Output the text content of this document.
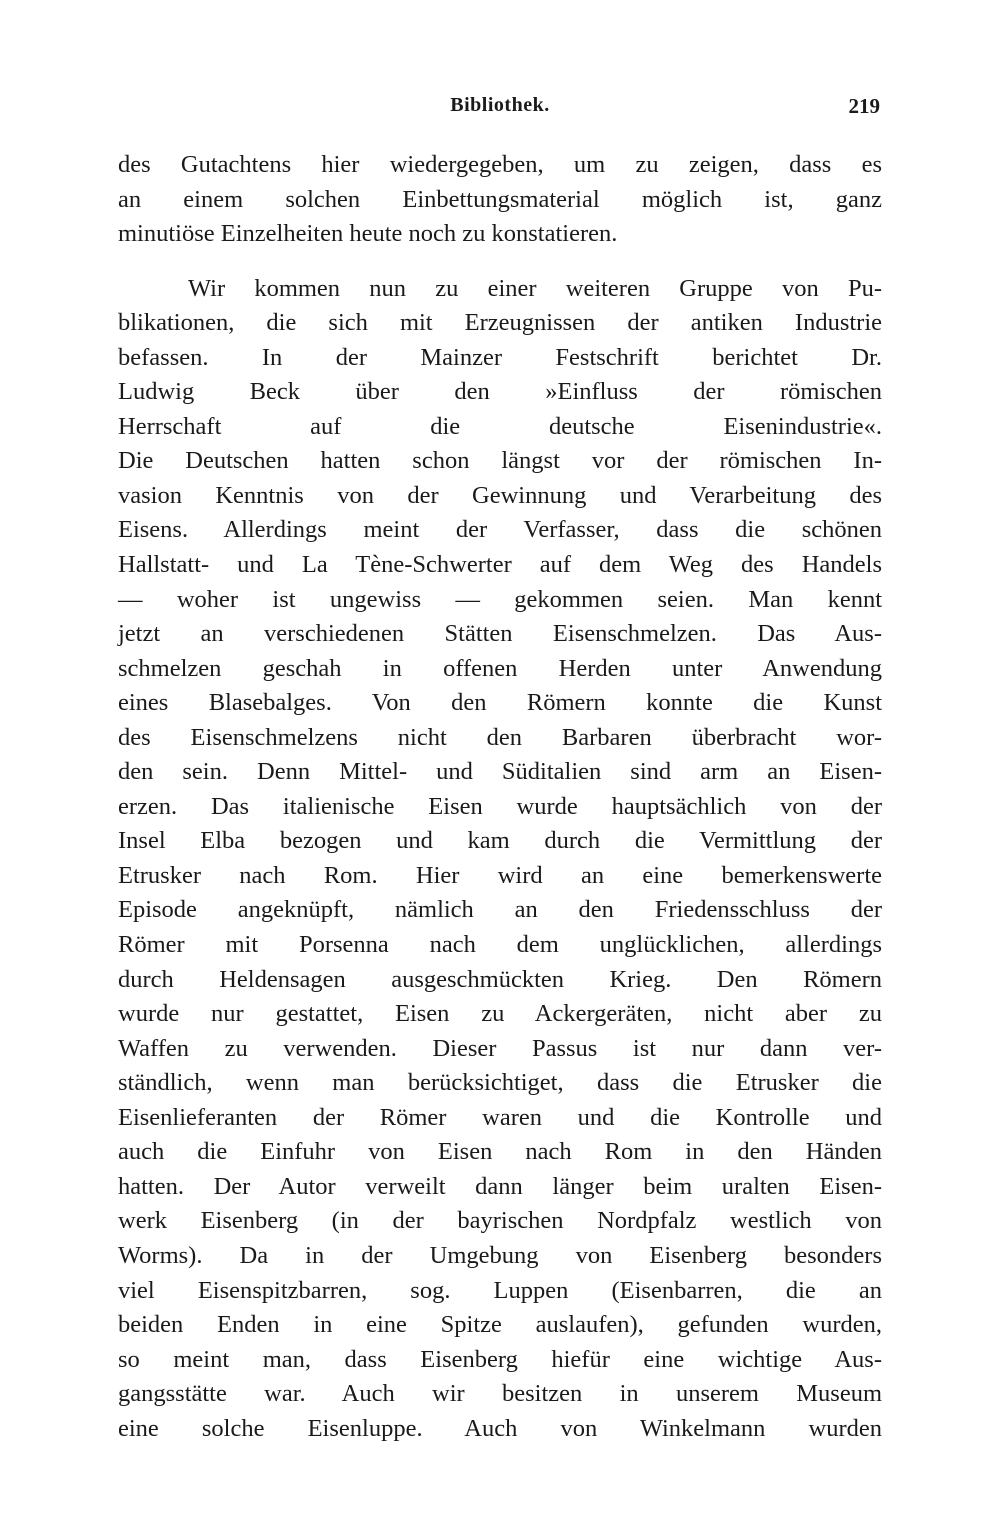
Bibliothek.	219
des Gutachtens hier wiedergegeben, um zu zeigen, dass es
an einem solchen Einbettungsmaterial möglich ist, ganz
minutiöse Einzelheiten heute noch zu konstatieren.
Wir kommen nun zu einer weiteren Gruppe von Pu-
blikationen, die sich mit Erzeugnissen der antiken Industrie
befassen. In der Mainzer Festschrift berichtet Dr.
Ludwig Beck über den »Einfluss der römischen
Herrschaft auf die deutsche Eisenindustrie«.
Die Deutschen hatten schon längst vor der römischen In-
vasion Kenntnis von der Gewinnung und Verarbeitung des
Eisens. Allerdings meint der Verfasser, dass die schönen
Hallstatt- und La Tène-Schwerter auf dem Weg des Handels
— woher ist ungewiss — gekommen seien. Man kennt
jetzt an verschiedenen Stätten Eisenschmelzen. Das Aus-
schmelzen geschah in offenen Herden unter Anwendung
eines Blasebalges. Von den Römern konnte die Kunst
des Eisenschmelzens nicht den Barbaren überbracht wor-
den sein. Denn Mittel- und Süditalien sind arm an Eisen-
erzen. Das italienische Eisen wurde hauptsächlich von der
Insel Elba bezogen und kam durch die Vermittlung der
Etrusker nach Rom. Hier wird an eine bemerkenswerte
Episode angeknüpft, nämlich an den Friedensschluss der
Römer mit Porsenna nach dem unglücklichen, allerdings
durch Heldensagen ausgeschmückten Krieg. Den Römern
wurde nur gestattet, Eisen zu Ackergeräten, nicht aber zu
Waffen zu verwenden. Dieser Passus ist nur dann ver-
ständlich, wenn man berücksichtiget, dass die Etrusker die
Eisenlieferanten der Römer waren und die Kontrolle und
auch die Einfuhr von Eisen nach Rom in den Händen
hatten. Der Autor verweilt dann länger beim uralten Eisen-
werk Eisenberg (in der bayrischen Nordpfalz westlich von
Worms). Da in der Umgebung von Eisenberg besonders
viel Eisenspitzbarren, sog. Luppen (Eisenbarren, die an
beiden Enden in eine Spitze auslaufen), gefunden wurden,
so meint man, dass Eisenberg hiefür eine wichtige Aus-
gangsstätte war. Auch wir besitzen in unserem Museum
eine solche Eisenluppe. Auch von Winkelmann wurden
